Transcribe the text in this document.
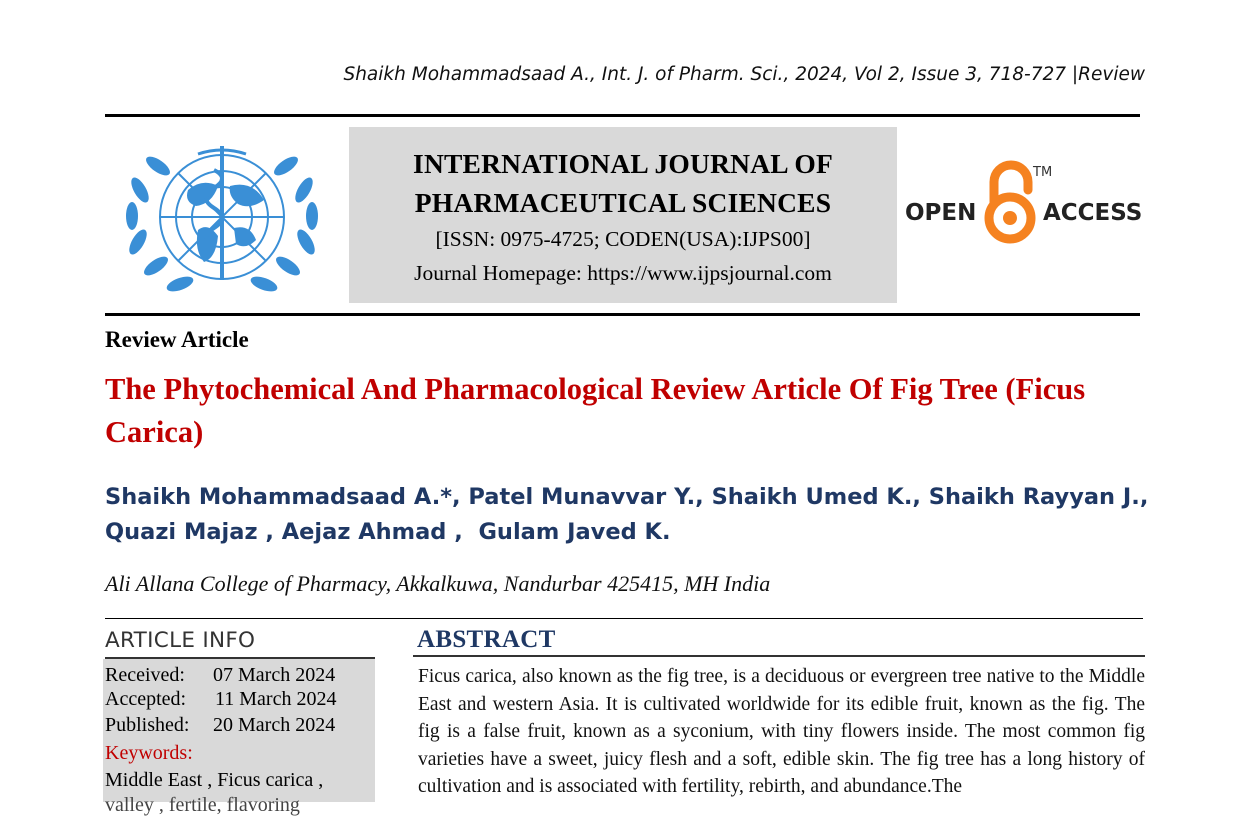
Shaikh Mohammadsaad A., Int. J. of Pharm. Sci., 2024, Vol 2, Issue 3, 718-727 |Review
INTERNATIONAL JOURNAL OF
PHARMACEUTICAL SCIENCES
[ISSN: 0975-4725; CODEN(USA):IJPS00]
Journal Homepage: https://www.ijpsjournal.com
OPEN	ACCESS
TM
Review Article
The Phytochemical And Pharmacological Review Article Of Fig Tree (Ficus Carica)
Shaikh Mohammadsaad A.*, Patel Munavvar Y., Shaikh Umed K., Shaikh Rayyan J.,
Quazi Majaz , Aejaz Ahmad ,  Gulam Javed K.
Ali Allana College of Pharmacy, Akkalkuwa, Nandurbar 425415, MH India
ARTICLE INFO
Received: 07 March 2024
Accepted: 11 March 2024
Published: 20 March 2024
Keywords:
Middle East , Ficus carica ,
valley , fertile, flavoring
ABSTRACT
Ficus carica, also known as the fig tree, is a deciduous or evergreen tree native to the Middle East and western Asia. It is cultivated worldwide for its edible fruit, known as the fig. The fig is a false fruit, known as a syconium, with tiny flowers inside. The most common fig varieties have a sweet, juicy flesh and a soft, edible skin. The fig tree has a long history of cultivation and is associated with fertility, rebirth, and abundance.The
